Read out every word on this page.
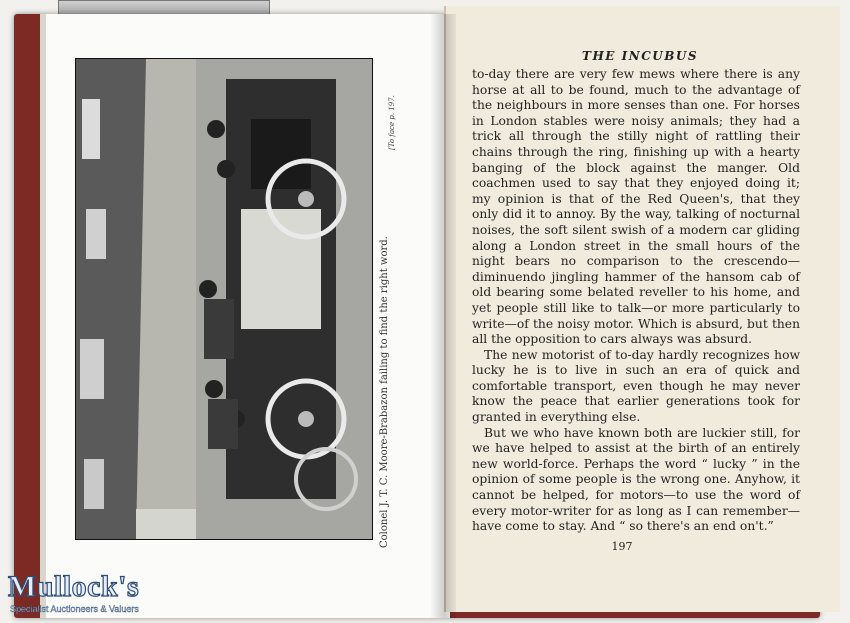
Colonel J. T. C. Moore-Brabazon failing to find the right word.
[To face p. 197.
THE INCUBUS

to-day there are very few mews where there is any horse at all to be found, much to the advantage of the neighbours in more senses than one. For horses in London stables were noisy animals; they had a trick all through the stilly night of rattling their chains through the ring, finishing up with a hearty banging of the block against the manger. Old coachmen used to say that they enjoyed doing it; my opinion is that of the Red Queen's, that they only did it to annoy. By the way, talking of nocturnal noises, the soft silent swish of a modern car gliding along a London street in the small hours of the night bears no comparison to the crescendo—diminuendo jingling hammer of the hansom cab of old bearing some belated reveller to his home, and yet people still like to talk—or more particularly to write—of the noisy motor. Which is absurd, but then all the opposition to cars always was absurd.

The new motorist of to-day hardly recognizes how lucky he is to live in such an era of quick and comfortable transport, even though he may never know the peace that earlier generations took for granted in everything else.

But we who have known both are luckier still, for we have helped to assist at the birth of an entirely new world-force. Perhaps the word “ lucky ” in the opinion of some people is the wrong one. Anyhow, it cannot be helped, for motors—to use the word of every motor-writer for as long as I can remember—have come to stay. And “ so there's an end on't.”

197
Mullock's
Specialist Auctioneers & Valuers
